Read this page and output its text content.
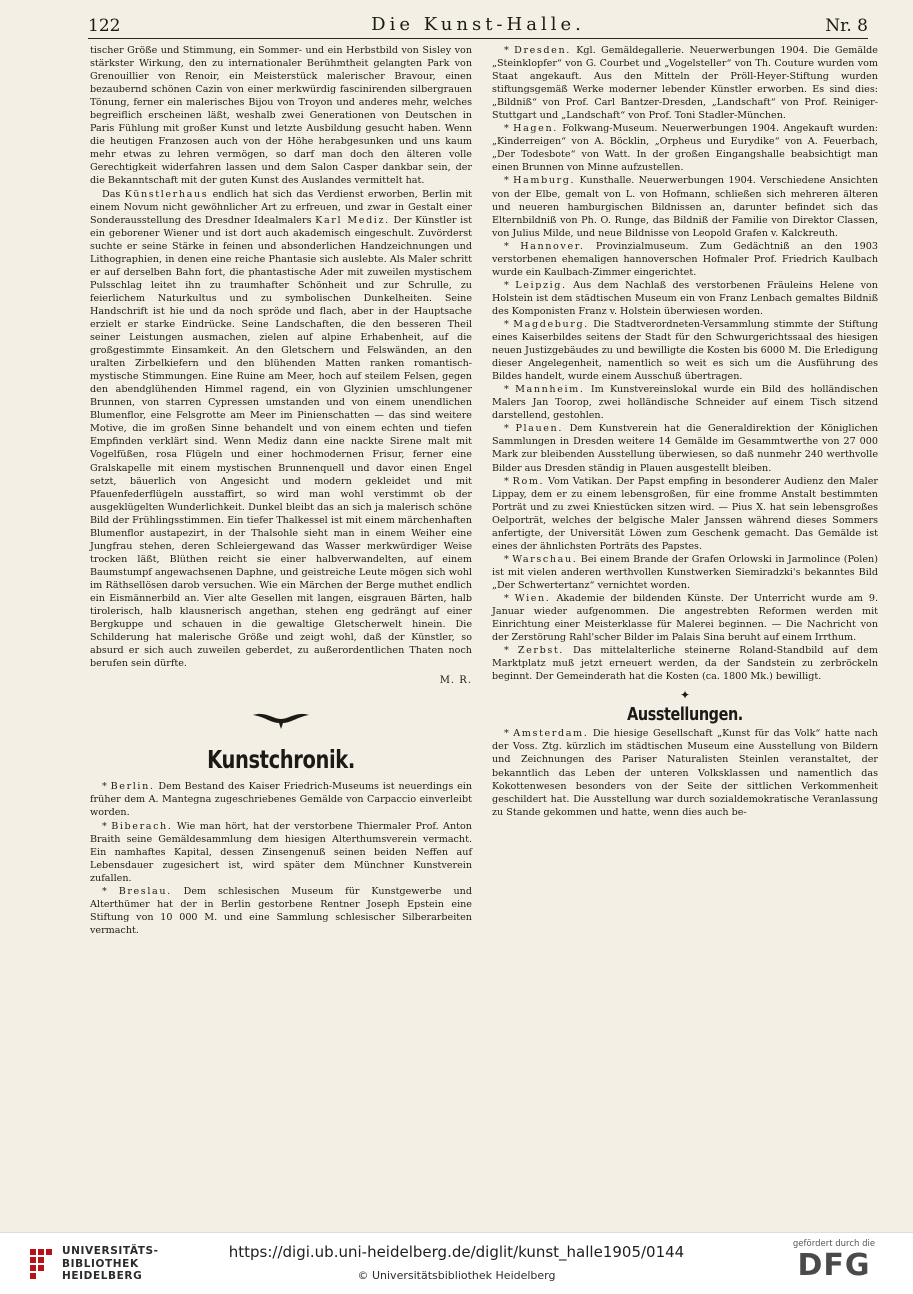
122	Die Kunst-Halle.	Nr. 8

tischer Größe und Stimmung, ein Sommer- und ein Herbstbild von Sisley von stärkster Wirkung, den zu internationaler Berühmtheit gelangten Park von Grenouillier von Renoir, ein Meisterstück malerischer Bravour, einen bezaubernd schönen Cazin von einer merkwürdig fascinirenden silbergrauen Tönung, ferner ein malerisches Bijou von Troyon und anderes mehr, welches begreiflich erscheinen läßt, weshalb zwei Generationen von Deutschen in Paris Fühlung mit großer Kunst und letzte Ausbildung gesucht haben. Wenn die heutigen Franzosen auch von der Höhe herabgesunken und uns kaum mehr etwas zu lehren vermögen, so darf man doch den älteren volle Gerechtigkeit widerfahren lassen und dem Salon Casper dankbar sein, der die Bekanntschaft mit der guten Kunst des Auslandes vermittelt hat.

Das Künstlerhaus endlich hat sich das Verdienst erworben, Berlin mit einem Novum nicht gewöhnlicher Art zu erfreuen, und zwar in Gestalt einer Sonderausstellung des Dresdner Idealmalers Karl Mediz. Der Künstler ist ein geborener Wiener und ist dort auch akademisch eingeschult. Zuvörderst suchte er seine Stärke in feinen und absonderlichen Handzeichnungen und Lithographien, in denen eine reiche Phantasie sich auslebte. Als Maler schritt er auf derselben Bahn fort, die phantastische Ader mit zuweilen mystischem Pulsschlag leitet ihn zu traumhafter Schönheit und zur Schrulle, zu feierlichem Naturkultus und zu symbolischen Dunkelheiten. Seine Handschrift ist hie und da noch spröde und flach, aber in der Hauptsache erzielt er starke Eindrücke. Seine Landschaften, die den besseren Theil seiner Leistungen ausmachen, zielen auf alpine Erhabenheit, auf die großgestimmte Einsamkeit. An den Gletschern und Felswänden, an den uralten Zirbelkiefern und den blühenden Matten ranken romantisch-mystische Stimmungen. Eine Ruine am Meer, hoch auf steilem Felsen, gegen den abendglühenden Himmel ragend, ein von Glyzinien umschlungener Brunnen, von starren Cypressen umstanden und von einem unendlichen Blumenflor, eine Felsgrotte am Meer im Pinienschatten — das sind weitere Motive, die im großen Sinne behandelt und von einem echten und tiefen Empfinden verklärt sind. Wenn Mediz dann eine nackte Sirene malt mit Vogelfüßen, rosa Flügeln und einer hochmodernen Frisur, ferner eine Gralskapelle mit einem mystischen Brunnenquell und davor einen Engel setzt, bäuerlich von Angesicht und modern gekleidet und mit Pfauenfederflügeln ausstaffirt, so wird man wohl verstimmt ob der ausgeklügelten Wunderlichkeit. Dunkel bleibt das an sich ja malerisch schöne Bild der Frühlingsstimmen. Ein tiefer Thalkessel ist mit einem märchenhaften Blumenflor austapezirt, in der Thalsohle sieht man in einem Weiher eine Jungfrau stehen, deren Schleiergewand das Wasser merkwürdiger Weise trocken läßt, Blüthen reicht sie einer halbverwandelten, auf einem Baumstumpf angewachsenen Daphne, und geistreiche Leute mögen sich wohl im Räthsellösen darob versuchen. Wie ein Märchen der Berge muthet endlich ein Eismännerbild an. Vier alte Gesellen mit langen, eisgrauen Bärten, halb tirolerisch, halb klausnerisch angethan, stehen eng gedrängt auf einer Bergkuppe und schauen in die gewaltige Gletscherwelt hinein. Die Schilderung hat malerische Größe und zeigt wohl, daß der Künstler, so absurd er sich auch zuweilen geberdet, zu außerordentlichen Thaten noch berufen sein dürfte.

M. R.
Kunstchronik.

* Berlin. Dem Bestand des Kaiser Friedrich-Museums ist neuerdings ein früher dem A. Mantegna zugeschriebenes Gemälde von Carpaccio einverleibt worden.

* Biberach. Wie man hört, hat der verstorbene Thiermaler Prof. Anton Braith seine Gemäldesammlung dem hiesigen Alterthumsverein vermacht. Ein namhaftes Kapital, dessen Zinsengenuß seinen beiden Neffen auf Lebensdauer zugesichert ist, wird später dem Münchner Kunstverein zufallen.

* Breslau. Dem schlesischen Museum für Kunstgewerbe und Alterthümer hat der in Berlin gestorbene Rentner Joseph Epstein eine Stiftung von 10 000 M. und eine Sammlung schlesischer Silberarbeiten vermacht.

* Dresden. Kgl. Gemäldegallerie. Neuerwerbungen 1904. Die Gemälde „Steinklopfer“ von G. Courbet und „Vogelsteller“ von Th. Couture wurden vom Staat angekauft. Aus den Mitteln der Pröll-Heyer-Stiftung wurden stiftungsgemäß Werke moderner lebender Künstler erworben. Es sind dies: „Bildniß“ von Prof. Carl Bantzer-Dresden, „Landschaft“ von Prof. Reiniger-Stuttgart und „Landschaft“ von Prof. Toni Stadler-München.

* Hagen. Folkwang-Museum. Neuerwerbungen 1904. Angekauft wurden: „Kinderreigen“ von A. Böcklin, „Orpheus und Eurydike“ von A. Feuerbach, „Der Todesbote“ von Watt. In der großen Eingangshalle beabsichtigt man einen Brunnen von Minne aufzustellen.

* Hamburg. Kunsthalle. Neuerwerbungen 1904. Verschiedene Ansichten von der Elbe, gemalt von L. von Hofmann, schließen sich mehreren älteren und neueren hamburgischen Bildnissen an, darunter befindet sich das Elternbildniß von Ph. O. Runge, das Bildniß der Familie von Direktor Classen, von Julius Milde, und neue Bildnisse von Leopold Grafen v. Kalckreuth.

* Hannover. Provinzialmuseum. Zum Gedächtniß an den 1903 verstorbenen ehemaligen hannoverschen Hofmaler Prof. Friedrich Kaulbach wurde ein Kaulbach-Zimmer eingerichtet.

* Leipzig. Aus dem Nachlaß des verstorbenen Fräuleins Helene von Holstein ist dem städtischen Museum ein von Franz Lenbach gemaltes Bildniß des Komponisten Franz v. Holstein überwiesen worden.

* Magdeburg. Die Stadtverordneten-Versammlung stimmte der Stiftung eines Kaiserbildes seitens der Stadt für den Schwurgerichtssaal des hiesigen neuen Justizgebäudes zu und bewilligte die Kosten bis 6000 M. Die Erledigung dieser Angelegenheit, namentlich so weit es sich um die Ausführung des Bildes handelt, wurde einem Ausschuß übertragen.

* Mannheim. Im Kunstvereinslokal wurde ein Bild des holländischen Malers Jan Toorop, zwei holländische Schneider auf einem Tisch sitzend darstellend, gestohlen.

* Plauen. Dem Kunstverein hat die Generaldirektion der Königlichen Sammlungen in Dresden weitere 14 Gemälde im Gesammtwerthe von 27 000 Mark zur bleibenden Ausstellung überwiesen, so daß nunmehr 240 werthvolle Bilder aus Dresden ständig in Plauen ausgestellt bleiben.

* Rom. Vom Vatikan. Der Papst empfing in besonderer Audienz den Maler Lippay, dem er zu einem lebensgroßen, für eine fromme Anstalt bestimmten Porträt und zu zwei Kniestücken sitzen wird. — Pius X. hat sein lebensgroßes Oelporträt, welches der belgische Maler Janssen während dieses Sommers anfertigte, der Universität Löwen zum Geschenk gemacht. Das Gemälde ist eines der ähnlichsten Porträts des Papstes.

* Warschau. Bei einem Brande der Grafen Orlowski in Jarmolince (Polen) ist mit vielen anderen werthvollen Kunstwerken Siemiradzki's bekanntes Bild „Der Schwertertanz“ vernichtet worden.

* Wien. Akademie der bildenden Künste. Der Unterricht wurde am 9. Januar wieder aufgenommen. Die angestrebten Reformen werden mit Einrichtung einer Meisterklasse für Malerei beginnen. — Die Nachricht von der Zerstörung Rahl'scher Bilder im Palais Sina beruht auf einem Irrthum.

* Zerbst. Das mittelalterliche steinerne Roland-Standbild auf dem Marktplatz muß jetzt erneuert werden, da der Sandstein zu zerbröckeln beginnt. Der Gemeinderath hat die Kosten (ca. 1800 Mk.) bewilligt.

✦
Ausstellungen.

* Amsterdam. Die hiesige Gesellschaft „Kunst für das Volk“ hatte nach der Voss. Ztg. kürzlich im städtischen Museum eine Ausstellung von Bildern und Zeichnungen des Pariser Naturalisten Steinlen veranstaltet, der bekanntlich das Leben der unteren Volksklassen und namentlich das Kokottenwesen besonders von der Seite der sittlichen Verkommenheit geschildert hat. Die Ausstellung war durch sozialdemokratische Veranlassung zu Stande gekommen und hatte, wenn dies auch be-

UNIVERSITÄTS-
BIBLIOTHEK
HEIDELBERG
https://digi.ub.uni-heidelberg.de/diglit/kunst_halle1905/0144
© Universitätsbibliothek Heidelberg
gefördert durch die
DFG
